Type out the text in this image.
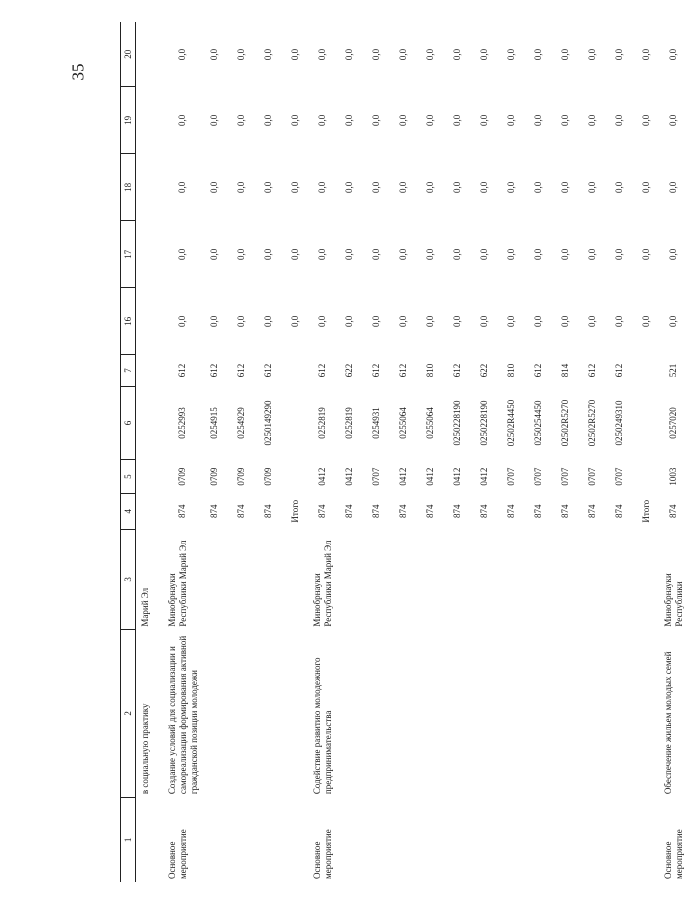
35
1	2	3	4	5	6	7	16	17	18	19	20
	в социальную практику	Марий Эл									
Основное мероприятие	Создание условий для социализации и самореализации формирования активной гражданской позиции молодежи	Минобрнауки Республики Марий Эл	874	0709	0252993	612	0,0	0,0	0,0	0,0	0,0
			874	0709	0254915	612	0,0	0,0	0,0	0,0	0,0
			874	0709	0254929	612	0,0	0,0	0,0	0,0	0,0
			874	0709	0250149290	612	0,0	0,0	0,0	0,0	0,0
			Итого				0,0	0,0	0,0	0,0	0,0
Основное мероприятие	Содействие развитию молодежного предпринимательства	Минобрнауки Республики Марий Эл	874	0412	0252819	612	0,0	0,0	0,0	0,0	0,0
			874	0412	0252819	622	0,0	0,0	0,0	0,0	0,0
			874	0707	0254931	612	0,0	0,0	0,0	0,0	0,0
			874	0412	0255064	612	0,0	0,0	0,0	0,0	0,0
			874	0412	0255064	810	0,0	0,0	0,0	0,0	0,0
			874	0412	0250228190	612	0,0	0,0	0,0	0,0	0,0
			874	0412	0250228190	622	0,0	0,0	0,0	0,0	0,0
			874	0707	02502R4450	810	0,0	0,0	0,0	0,0	0,0
			874	0707	0250254450	612	0,0	0,0	0,0	0,0	0,0
			874	0707	02502R5270	814	0,0	0,0	0,0	0,0	0,0
			874	0707	02502R5270	612	0,0	0,0	0,0	0,0	0,0
			874	0707	0250249310	612	0,0	0,0	0,0	0,0	0,0
			Итого				0,0	0,0	0,0	0,0	0,0
Основное мероприятие	Обеспечение жильем молодых семей	Минобрнауки Республики	874	1003	0257020	521	0,0	0,0	0,0	0,0	0,0
